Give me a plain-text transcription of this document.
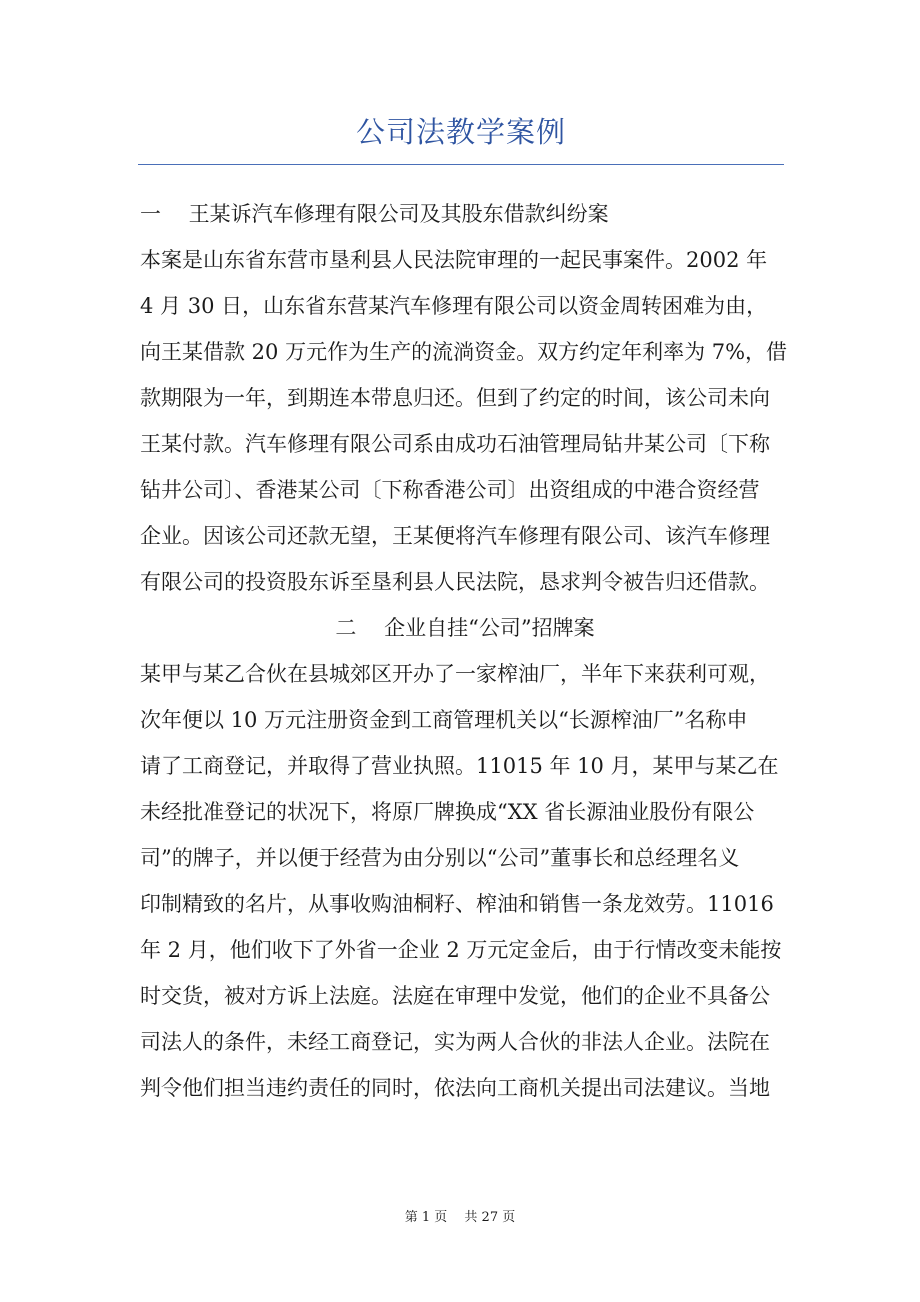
公司法教学案例
一　 王某诉汽车修理有限公司及其股东借款纠纷案
本案是山东省东营市垦利县人民法院审理的一起民事案件。2002 年
4 月 30 日，山东省东营某汽车修理有限公司以资金周转困难为由，
向王某借款 20 万元作为生产的流淌资金。双方约定年利率为 7%，借
款期限为一年，到期连本带息归还。但到了约定的时间，该公司未向
王某付款。汽车修理有限公司系由成功石油管理局钻井某公司〔下称
钻井公司〕、香港某公司〔下称香港公司〕出资组成的中港合资经营
企业。因该公司还款无望，王某便将汽车修理有限公司、该汽车修理
有限公司的投资股东诉至垦利县人民法院，恳求判令被告归还借款。
二　 企业自挂“公司”招牌案
某甲与某乙合伙在县城郊区开办了一家榨油厂，半年下来获利可观，
次年便以 10 万元注册资金到工商管理机关以“长源榨油厂”名称申
请了工商登记，并取得了营业执照。11015 年 10 月，某甲与某乙在
未经批准登记的状况下，将原厂牌换成“XX 省长源油业股份有限公
司”的牌子，并以便于经营为由分别以“公司”董事长和总经理名义
印制精致的名片，从事收购油桐籽、榨油和销售一条龙效劳。11016
年 2 月，他们收下了外省一企业 2 万元定金后，由于行情改变未能按
时交货，被对方诉上法庭。法庭在审理中发觉，他们的企业不具备公
司法人的条件，未经工商登记，实为两人合伙的非法人企业。法院在
判令他们担当违约责任的同时，依法向工商机关提出司法建议。当地
第 1 页　 共 27 页
